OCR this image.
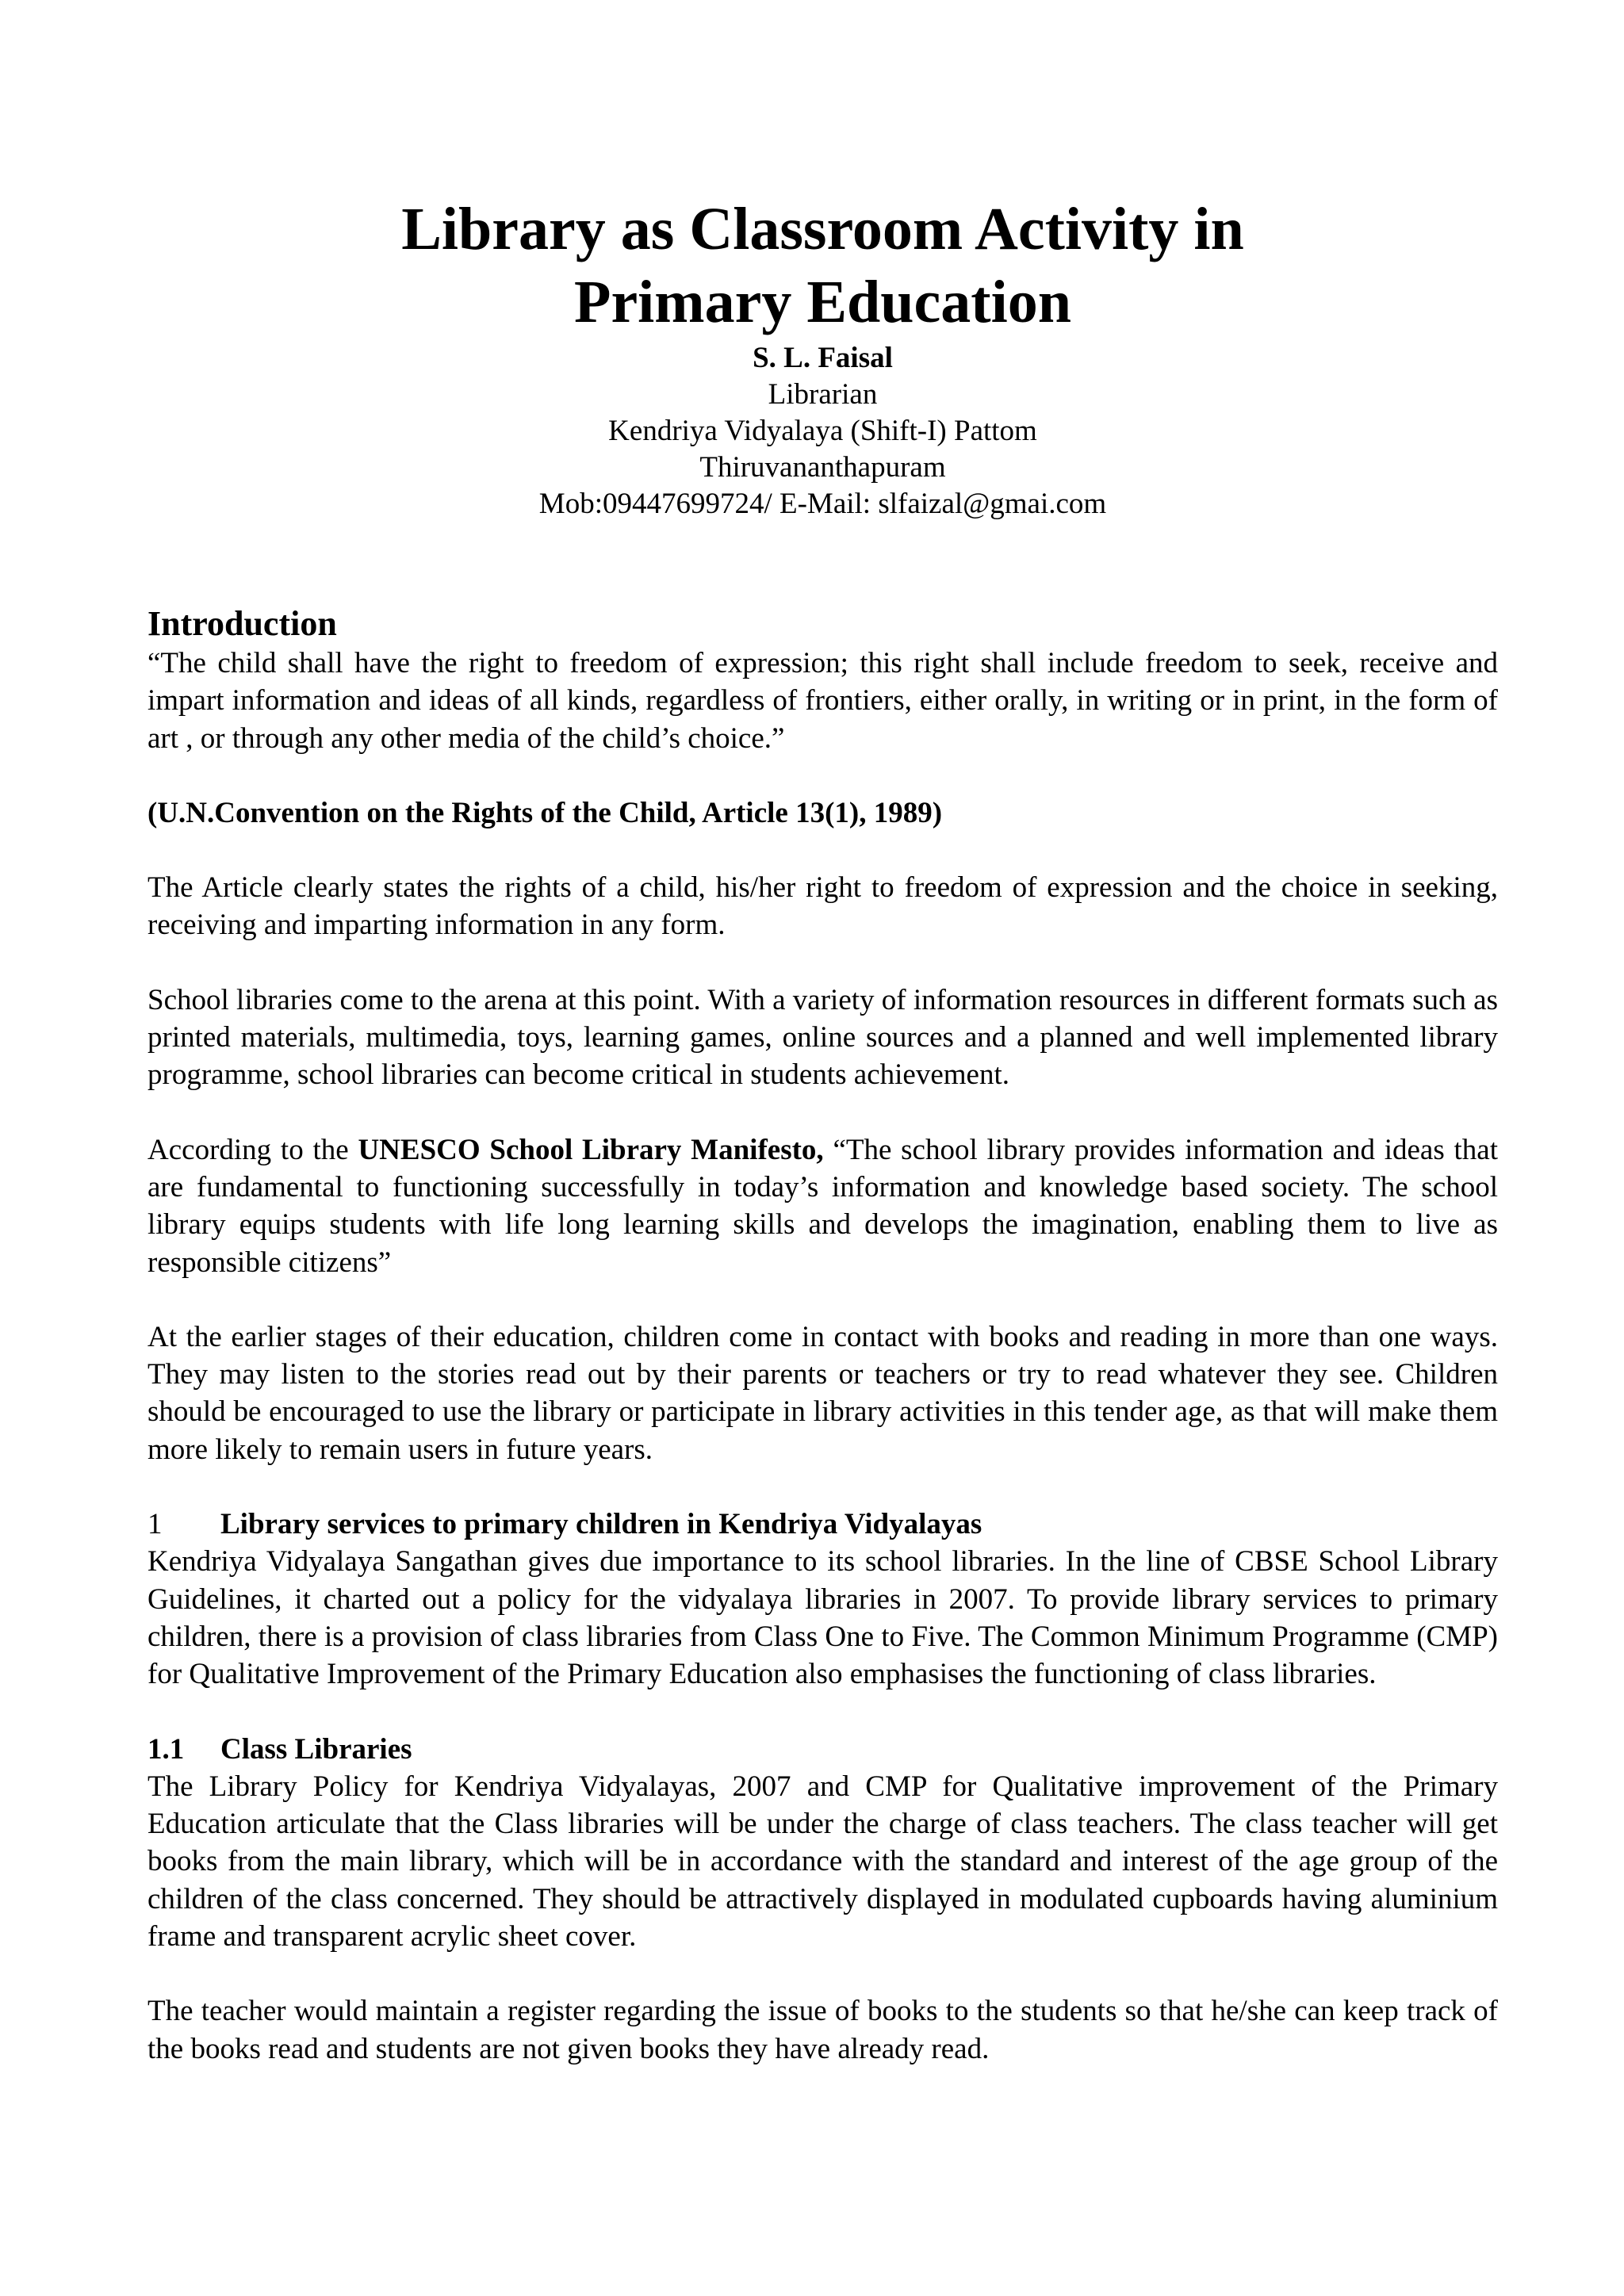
Library as Classroom Activity in
Primary Education
S. L. Faisal
Librarian
Kendriya Vidyalaya (Shift-I) Pattom
Thiruvananthapuram
Mob:09447699724/ E-Mail: slfaizal@gmai.com
Introduction

“The child shall have the right to freedom of expression; this right shall include freedom to seek, receive and impart information and ideas of all kinds, regardless of frontiers, either orally, in writing or in print, in the form of art , or through any other media of the child’s choice.”

(U.N.Convention on the Rights of the Child, Article 13(1), 1989)

The Article clearly states the rights of a child, his/her right to freedom of expression and the choice in seeking, receiving and imparting information in any form.

School libraries come to the arena at this point. With a variety of information resources in different formats such as printed materials, multimedia, toys, learning games, online sources and a planned and well implemented library programme, school libraries can become critical in students achievement.

According to the UNESCO School Library Manifesto, “The school library provides information and ideas that are fundamental to functioning successfully in today’s information and knowledge based society. The school library equips students with life long learning skills and develops the imagination, enabling them to live as responsible citizens”

At the earlier stages of their education, children come in contact with books and reading in more than one ways. They may listen to the stories read out by their parents or teachers or try to read whatever they see. Children should be encouraged to use the library or participate in library activities in this tender age, as that will make them more likely to remain users in future years.

1 Library services to primary children in Kendriya Vidyalayas

Kendriya Vidyalaya Sangathan gives due importance to its school libraries. In the line of CBSE School Library Guidelines, it charted out a policy for the vidyalaya libraries in 2007. To provide library services to primary children, there is a provision of class libraries from Class One to Five. The Common Minimum Programme (CMP) for Qualitative Improvement of the Primary Education also emphasises the functioning of class libraries.

1.1 Class Libraries

The Library Policy for Kendriya Vidyalayas, 2007 and CMP for Qualitative improvement of the Primary Education articulate that the Class libraries will be under the charge of class teachers. The class teacher will get books from the main library, which will be in accordance with the standard and interest of the age group of the children of the class concerned. They should be attractively displayed in modulated cupboards having aluminium frame and transparent acrylic sheet cover.

The teacher would maintain a register regarding the issue of books to the students so that he/she can keep track of the books read and students are not given books they have already read.
